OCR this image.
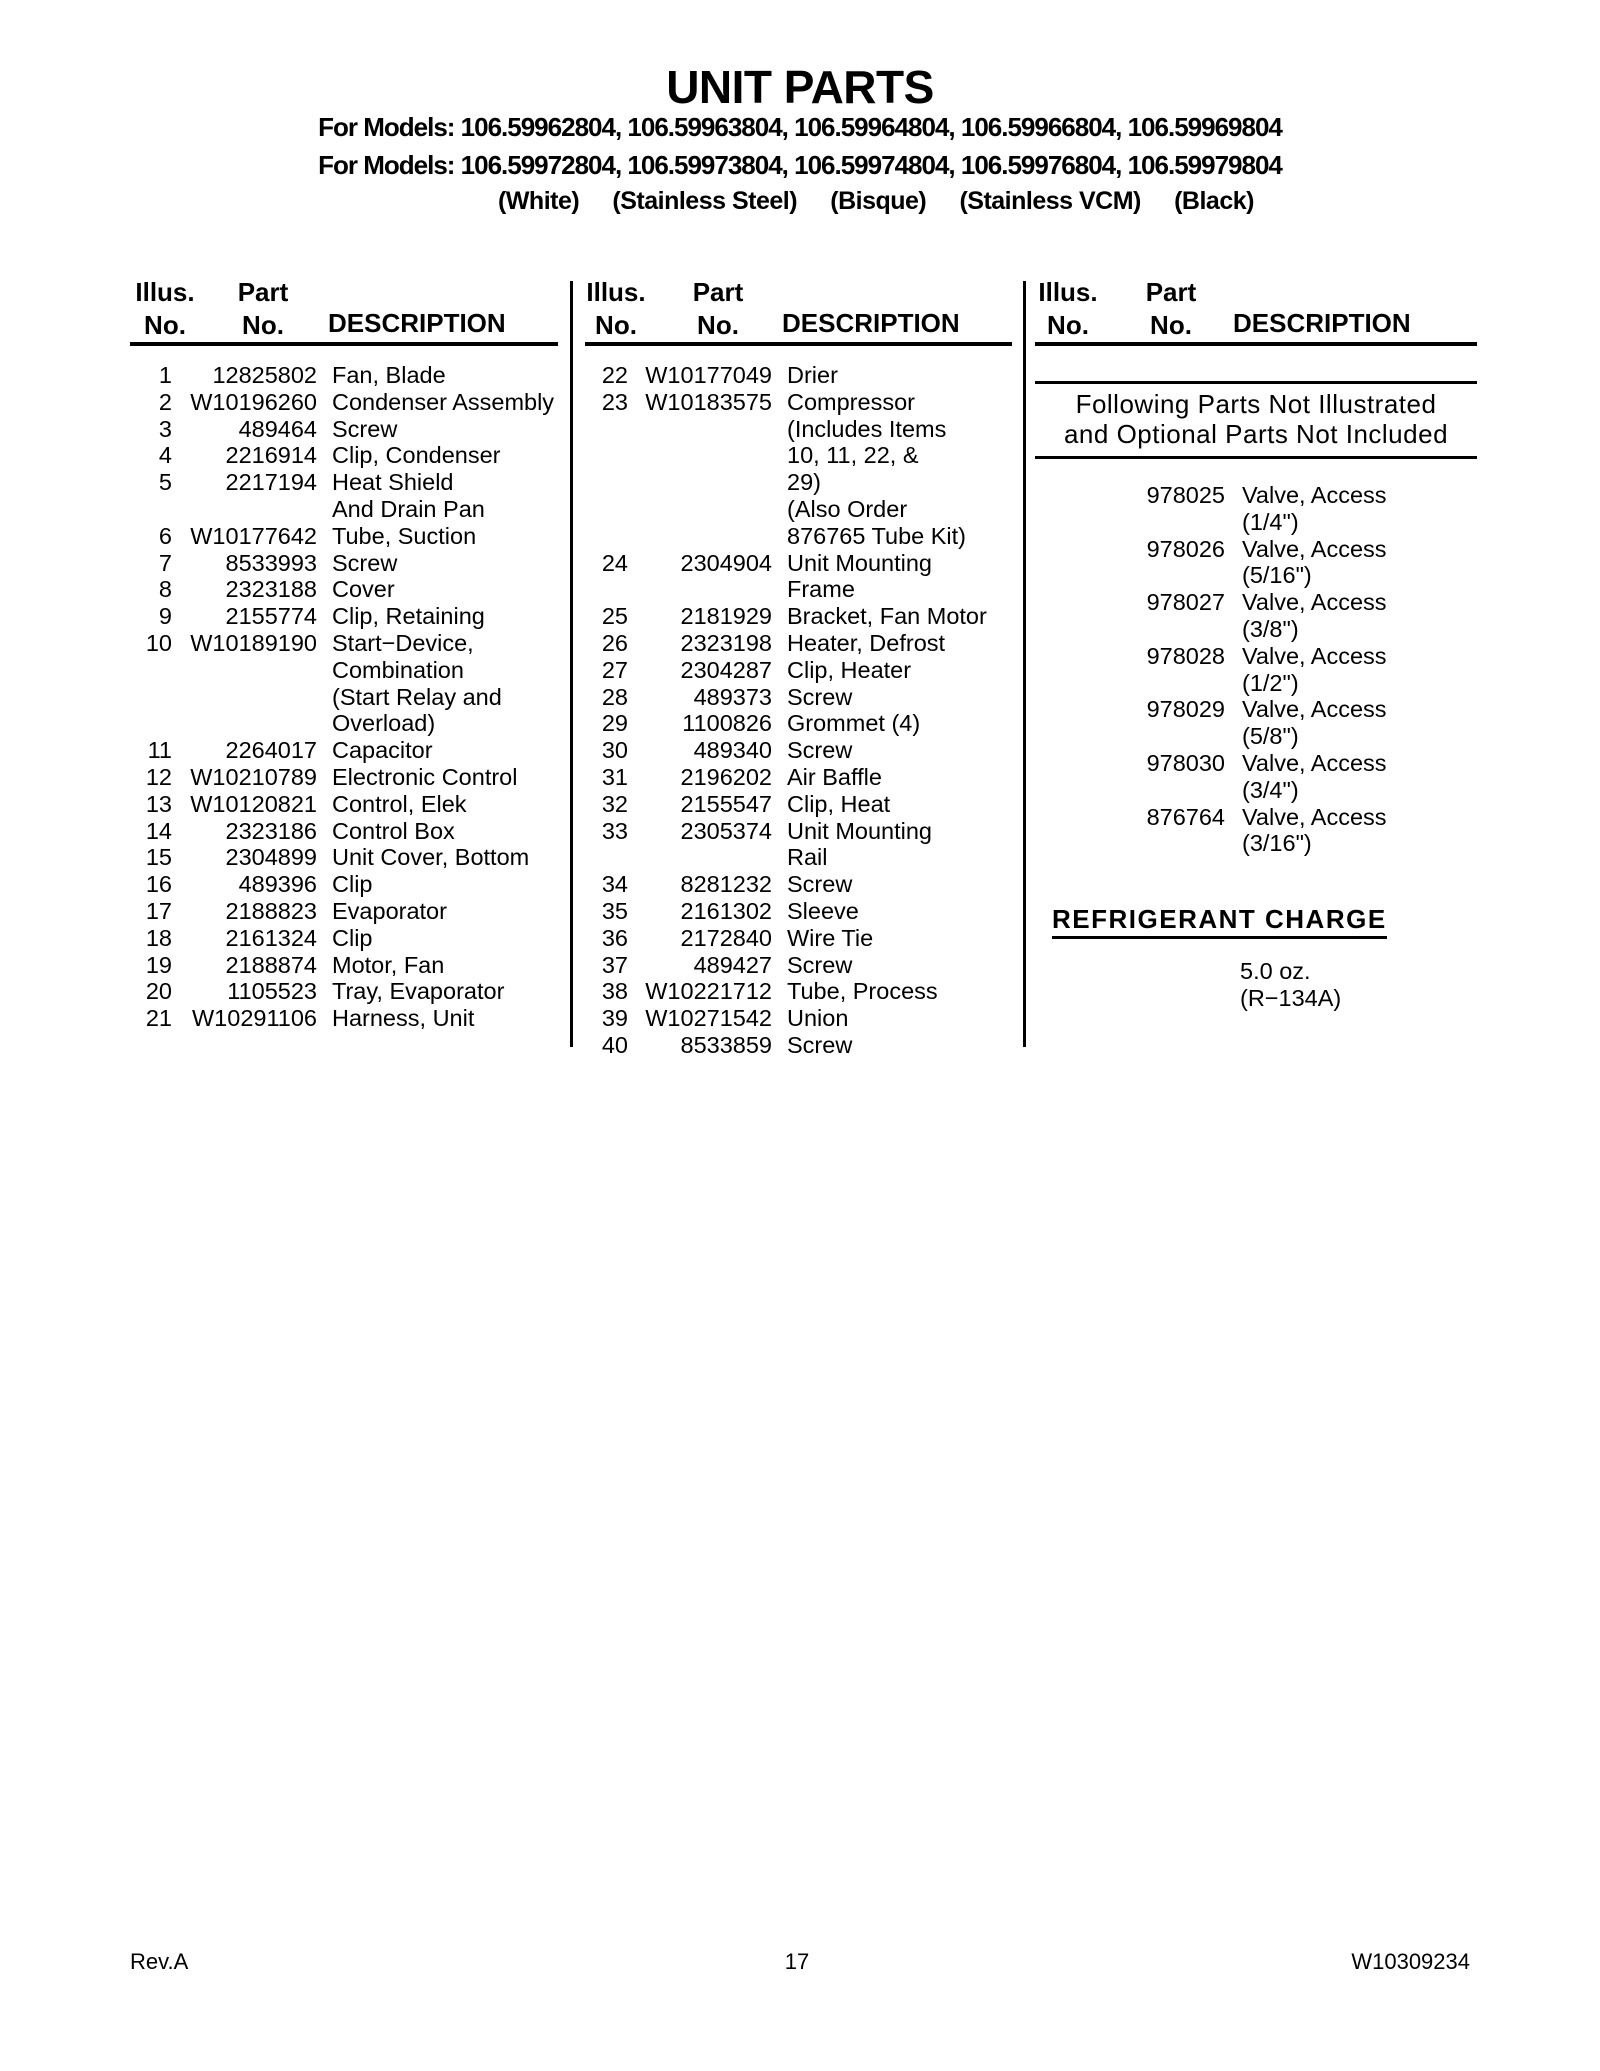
UNIT PARTS
For Models: 106.59962804, 106.59963804, 106.59964804, 106.59966804, 106.59969804
For Models: 106.59972804, 106.59973804, 106.59974804, 106.59976804, 106.59979804
(White) (Stainless Steel) (Bisque) (Stainless VCM) (Black)
Illus.
No.
Part
No.	DESCRIPTION
Illus.
No.
Part
No.	DESCRIPTION
Illus.
No.
Part
No.	DESCRIPTION
1	12825802 Fan, Blade
2 W10196260 Condenser Assembly
3	489464 Screw
4	2216914 Clip, Condenser
5	2217194 Heat Shield
And Drain Pan
6 W10177642 Tube, Suction
7	8533993 Screw
8	2323188 Cover
9	2155774 Clip, Retaining
10 W10189190 Start−Device,
Combination
(Start Relay and
Overload)
11	2264017 Capacitor
12 W10210789 Electronic Control
13 W10120821 Control, Elek
14	2323186 Control Box
15	2304899 Unit Cover, Bottom
16	489396 Clip
17	2188823 Evaporator
18	2161324 Clip
19	2188874 Motor, Fan
20	1105523 Tray, Evaporator
21 W10291106 Harness, Unit
22 W10177049 Drier
23 W10183575 Compressor
(Includes Items
10, 11, 22, &
29)
(Also Order
876765 Tube Kit)
24	2304904 Unit Mounting
Frame
25	2181929 Bracket, Fan Motor
26	2323198 Heater, Defrost
27	2304287 Clip, Heater
28	489373 Screw
29	1100826 Grommet (4)
30	489340 Screw
31	2196202 Air Baffle
32	2155547 Clip, Heat
33	2305374 Unit Mounting
Rail
34	8281232 Screw
35	2161302 Sleeve
36	2172840 Wire Tie
37	489427 Screw
38 W10221712 Tube, Process
39 W10271542 Union
40	8533859 Screw
Following Parts Not Illustrated
and Optional Parts Not Included
978025 Valve, Access
(1/4")
978026 Valve, Access
(5/16")
978027 Valve, Access
(3/8")
978028 Valve, Access
(1/2")
978029 Valve, Access
(5/8")
978030 Valve, Access
(3/4")
876764 Valve, Access
(3/16")
REFRIGERANT CHARGE
5.0 oz.
(R−134A)
Rev.A	17	W10309234
